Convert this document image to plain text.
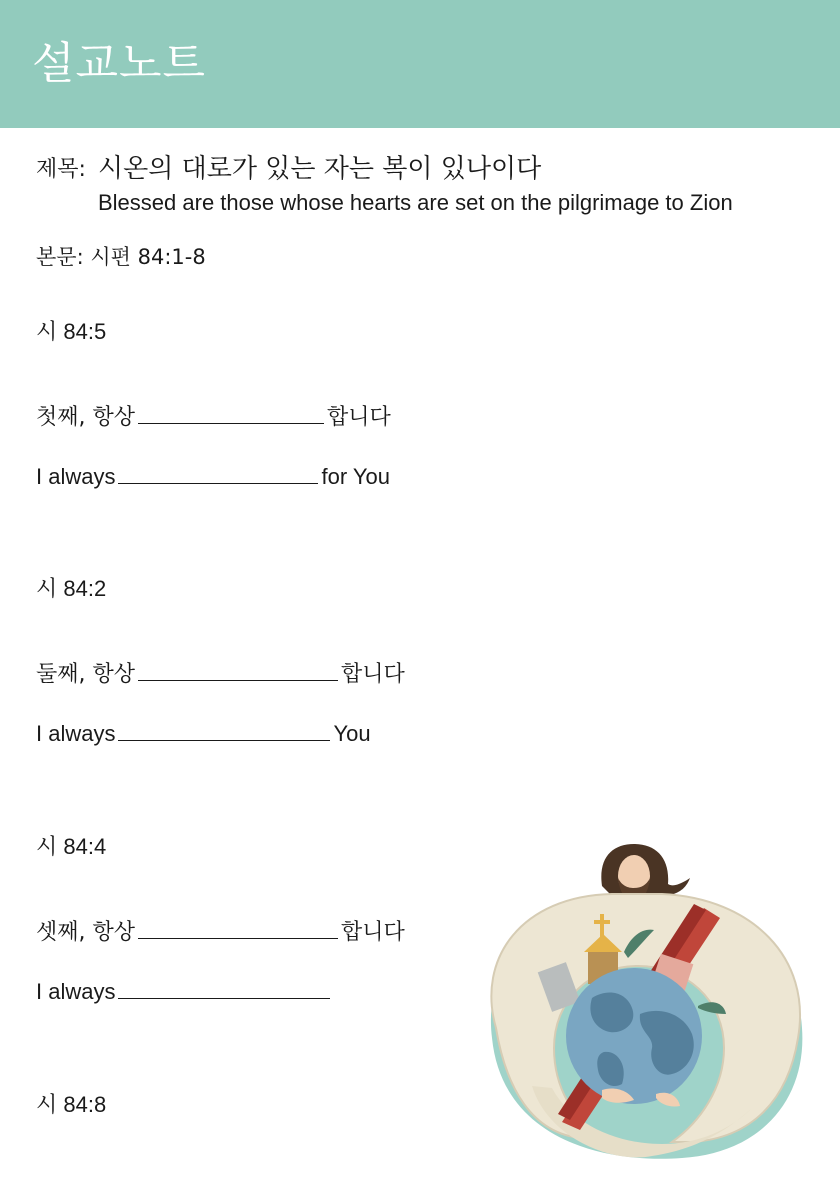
설교노트
제목: 시온의 대로가 있는 자는 복이 있나이다
Blessed are those whose hearts are set on the pilgrimage to Zion
본문: 시편 84:1-8
시 84:5
첫째, 항상	합니다
I always	for You
시 84:2
둘째, 항상	합니다
I always	You
시 84:4
셋째, 항상	합니다
I always
시 84:8
